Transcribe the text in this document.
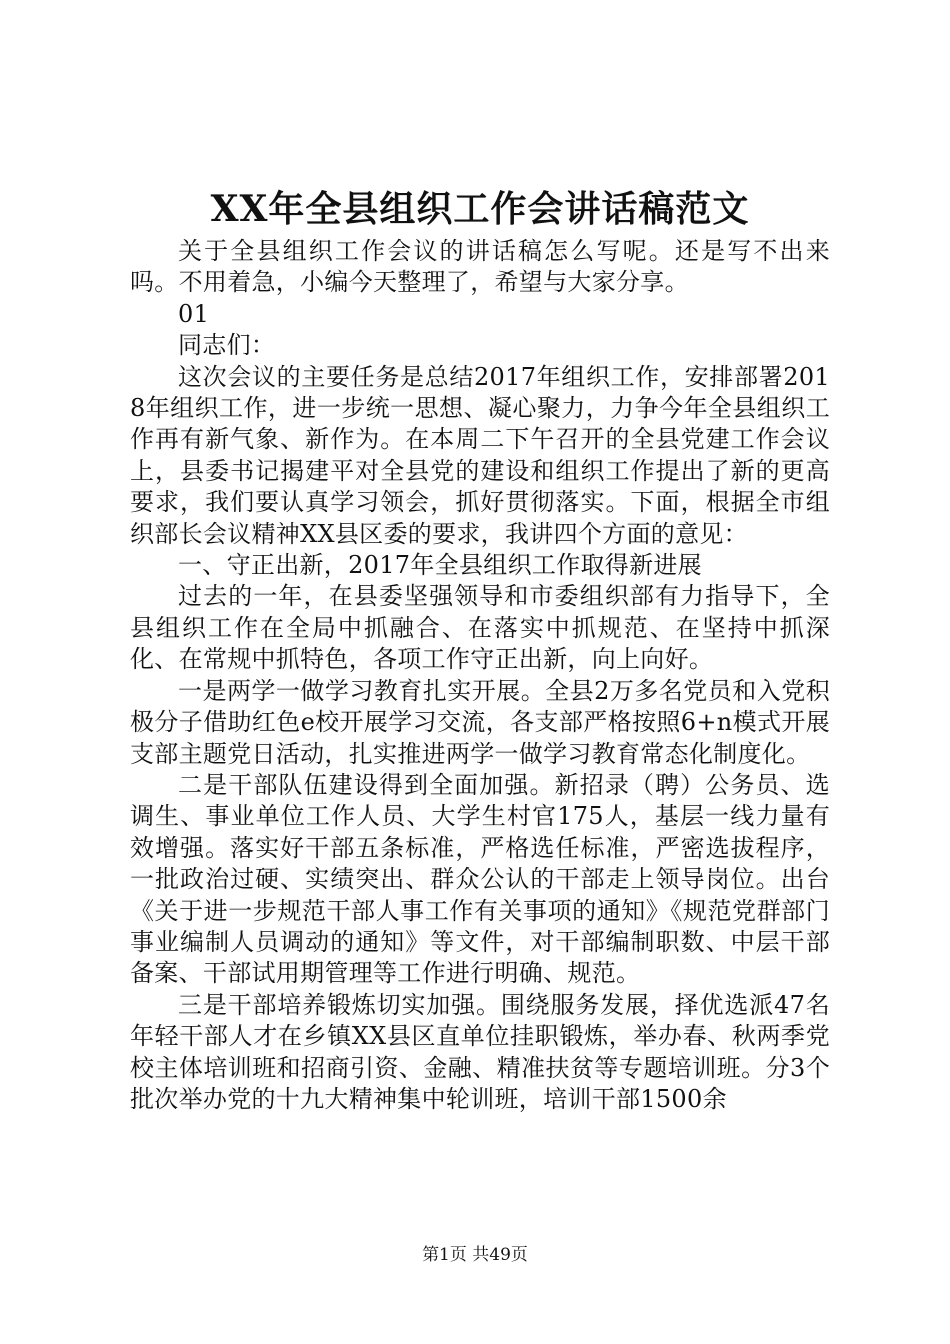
XX年全县组织工作会讲话稿范文

关于全县组织工作会议的讲话稿怎么写呢。还是写不出来吗。不用着急，小编今天整理了，希望与大家分享。

01

同志们：

这次会议的主要任务是总结2017年组织工作，安排部署2018年组织工作，进一步统一思想、凝心聚力，力争今年全县组织工作再有新气象、新作为。在本周二下午召开的全县党建工作会议上，县委书记揭建平对全县党的建设和组织工作提出了新的更高要求，我们要认真学习领会，抓好贯彻落实。下面，根据全市组织部长会议精神XX县区委的要求，我讲四个方面的意见：

一、守正出新，2017年全县组织工作取得新进展

过去的一年，在县委坚强领导和市委组织部有力指导下，全县组织工作在全局中抓融合、在落实中抓规范、在坚持中抓深化、在常规中抓特色，各项工作守正出新，向上向好。

一是两学一做学习教育扎实开展。全县2万多名党员和入党积极分子借助红色e校开展学习交流，各支部严格按照6+n模式开展支部主题党日活动，扎实推进两学一做学习教育常态化制度化。

二是干部队伍建设得到全面加强。新招录（聘）公务员、选调生、事业单位工作人员、大学生村官175人，基层一线力量有效增强。落实好干部五条标准，严格选任标准，严密选拔程序，一批政治过硬、实绩突出、群众公认的干部走上领导岗位。出台《关于进一步规范干部人事工作有关事项的通知》《规范党群部门事业编制人员调动的通知》等文件，对干部编制职数、中层干部备案、干部试用期管理等工作进行明确、规范。

三是干部培养锻炼切实加强。围绕服务发展，择优选派47名年轻干部人才在乡镇XX县区直单位挂职锻炼，举办春、秋两季党校主体培训班和招商引资、金融、精准扶贫等专题培训班。分3个批次举办党的十九大精神集中轮训班，培训干部1500余

第1页 共49页
